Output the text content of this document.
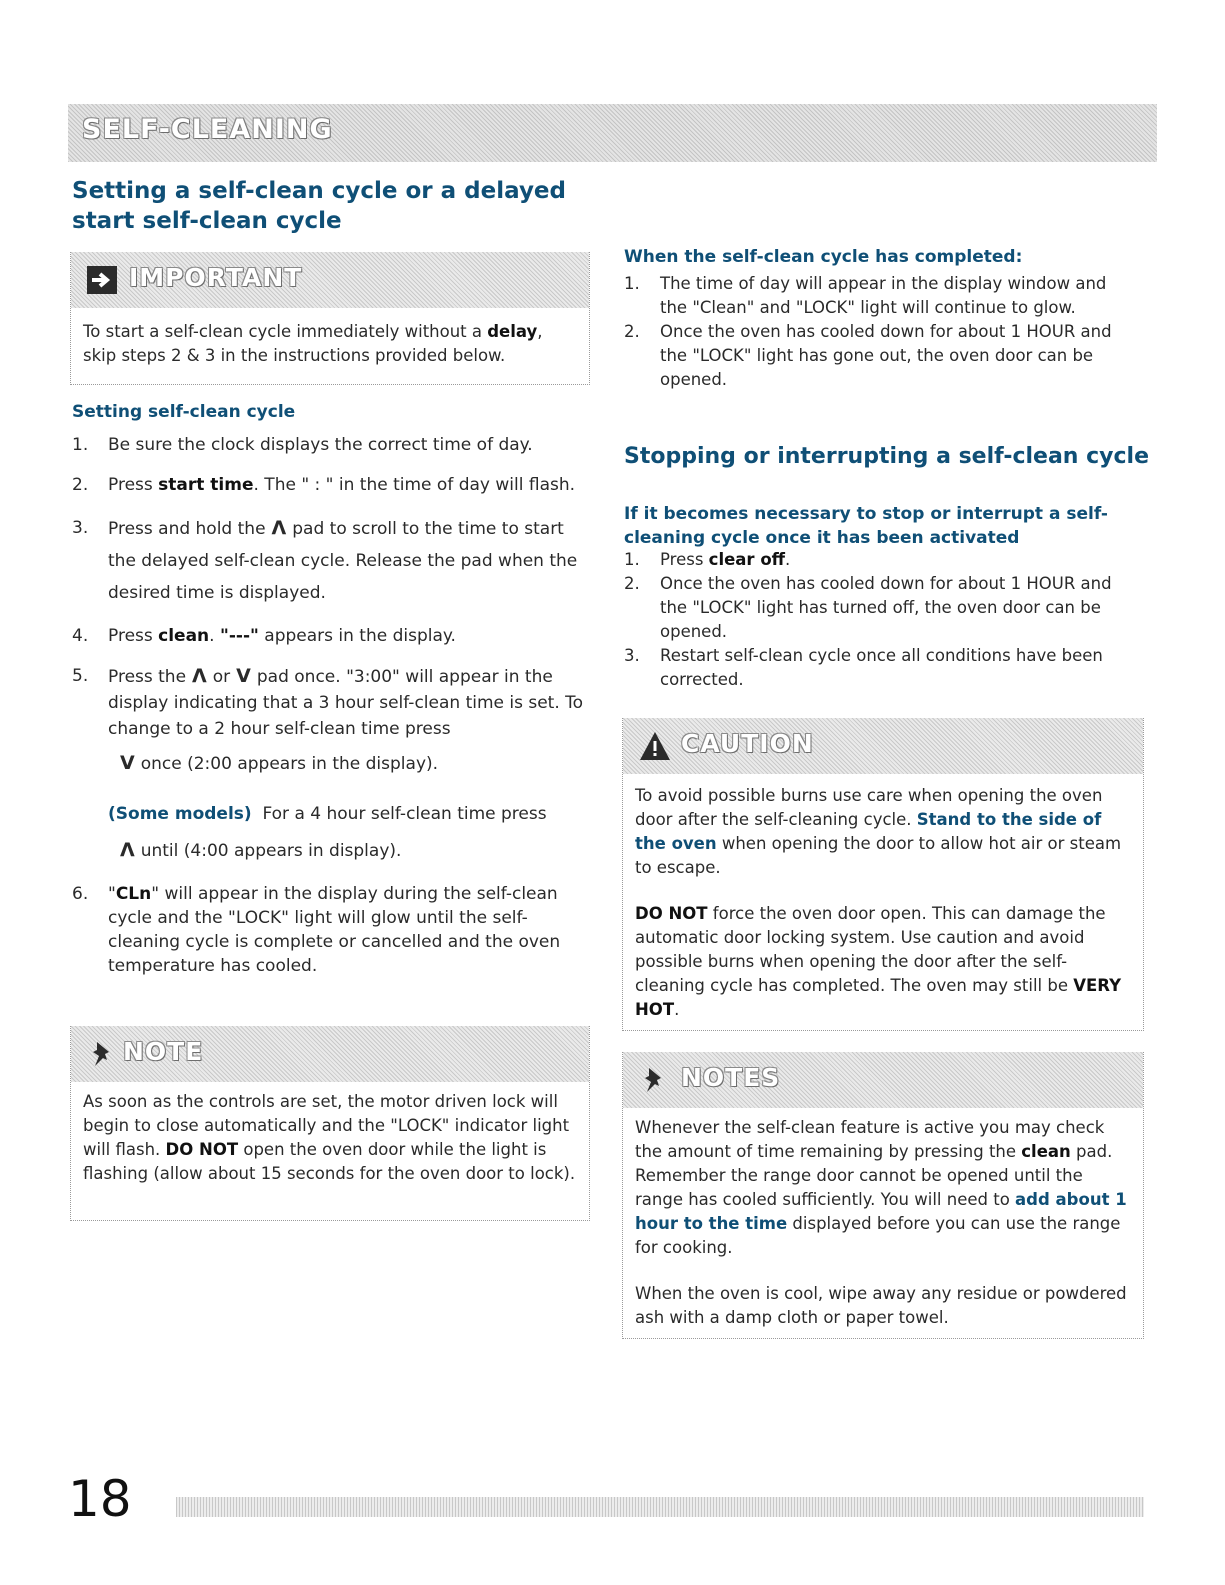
SELF-CLEANING
Setting a self-clean cycle or a delayed start self-clean cycle
IMPORTANT
To start a self-clean cycle immediately without a delay, skip steps 2 & 3 in the instructions provided below.
Setting self-clean cycle
1. Be sure the clock displays the correct time of day.
2. Press start time. The " : " in the time of day will flash.
3. Press and hold the Λ pad to scroll to the time to start the delayed self-clean cycle. Release the pad when the desired time is displayed.
4. Press clean. "---" appears in the display.
5. Press the Λ or V pad once. "3:00" will appear in the display indicating that a 3 hour self-clean time is set. To change to a 2 hour self-clean time press
V once (2:00 appears in the display).
(Some models) For a 4 hour self-clean time press
Λ until (4:00 appears in display).
6. "CLn" will appear in the display during the self-clean cycle and the "LOCK" light will glow until the self-cleaning cycle is complete or cancelled and the oven temperature has cooled.
NOTE
As soon as the controls are set, the motor driven lock will begin to close automatically and the "LOCK" indicator light will flash. DO NOT open the oven door while the light is flashing (allow about 15 seconds for the oven door to lock).
When the self-clean cycle has completed:
1. The time of day will appear in the display window and the "Clean" and "LOCK" light will continue to glow.
2. Once the oven has cooled down for about 1 HOUR and the "LOCK" light has gone out, the oven door can be opened.
Stopping or interrupting a self-clean cycle
If it becomes necessary to stop or interrupt a self-cleaning cycle once it has been activated
1. Press clear off.
2. Once the oven has cooled down for about 1 HOUR and the "LOCK" light has turned off, the oven door can be opened.
3. Restart self-clean cycle once all conditions have been corrected.
CAUTION

To avoid possible burns use care when opening the oven door after the self-cleaning cycle. Stand to the side of the oven when opening the door to allow hot air or steam to escape.

DO NOT force the oven door open. This can damage the automatic door locking system. Use caution and avoid possible burns when opening the door after the self-cleaning cycle has completed. The oven may still be VERY HOT.

NOTES

Whenever the self-clean feature is active you may check the amount of time remaining by pressing the clean pad. Remember the range door cannot be opened until the range has cooled sufficiently. You will need to add about 1 hour to the time displayed before you can use the range for cooking.

When the oven is cool, wipe away any residue or powdered ash with a damp cloth or paper towel.

18
